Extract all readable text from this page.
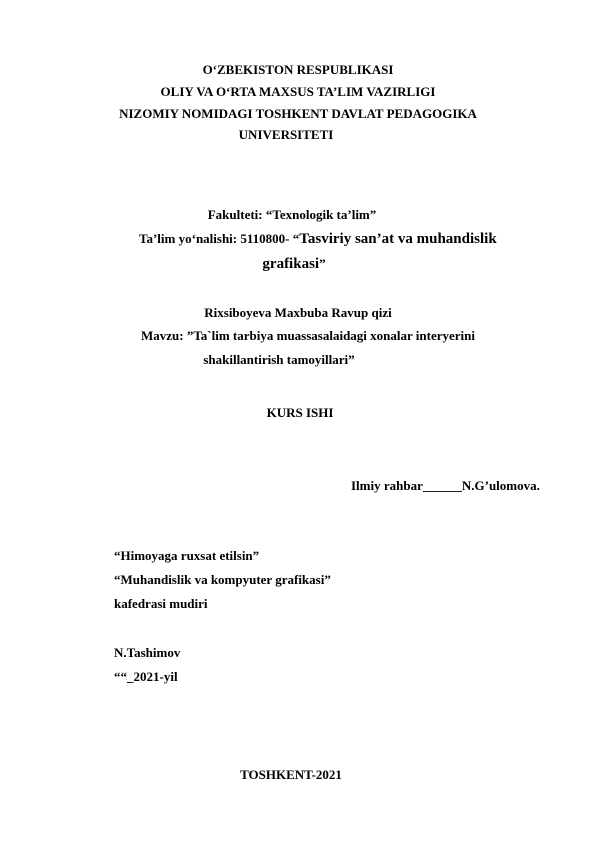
O‘ZBEKISTON RESPUBLIKASI
OLIY VA O‘RTA MAXSUS TA’LIM VAZIRLIGI
NIZOMIY NOMIDAGI TOSHKENT DAVLAT PEDAGOGIKA
UNIVERSITETI
Fakulteti: “Texnologik ta’lim”
Ta’lim yo‘nalishi: 5110800- “Tasviriy san’at va muhandislik
grafikasi”
Rixsiboyeva Maxbuba Ravup qizi
Mavzu: ”Ta`lim tarbiya muassasalaidagi xonalar interyerini
shakillantirish tamoyillari”
KURS ISHI
Ilmiy rahbar______N.G’ulomova.
“Himoyaga ruxsat etilsin”
“Muhandislik va kompyuter grafikasi”
kafedrasi mudiri
N.Tashimov
““_2021-yil
TOSHKENT-2021
